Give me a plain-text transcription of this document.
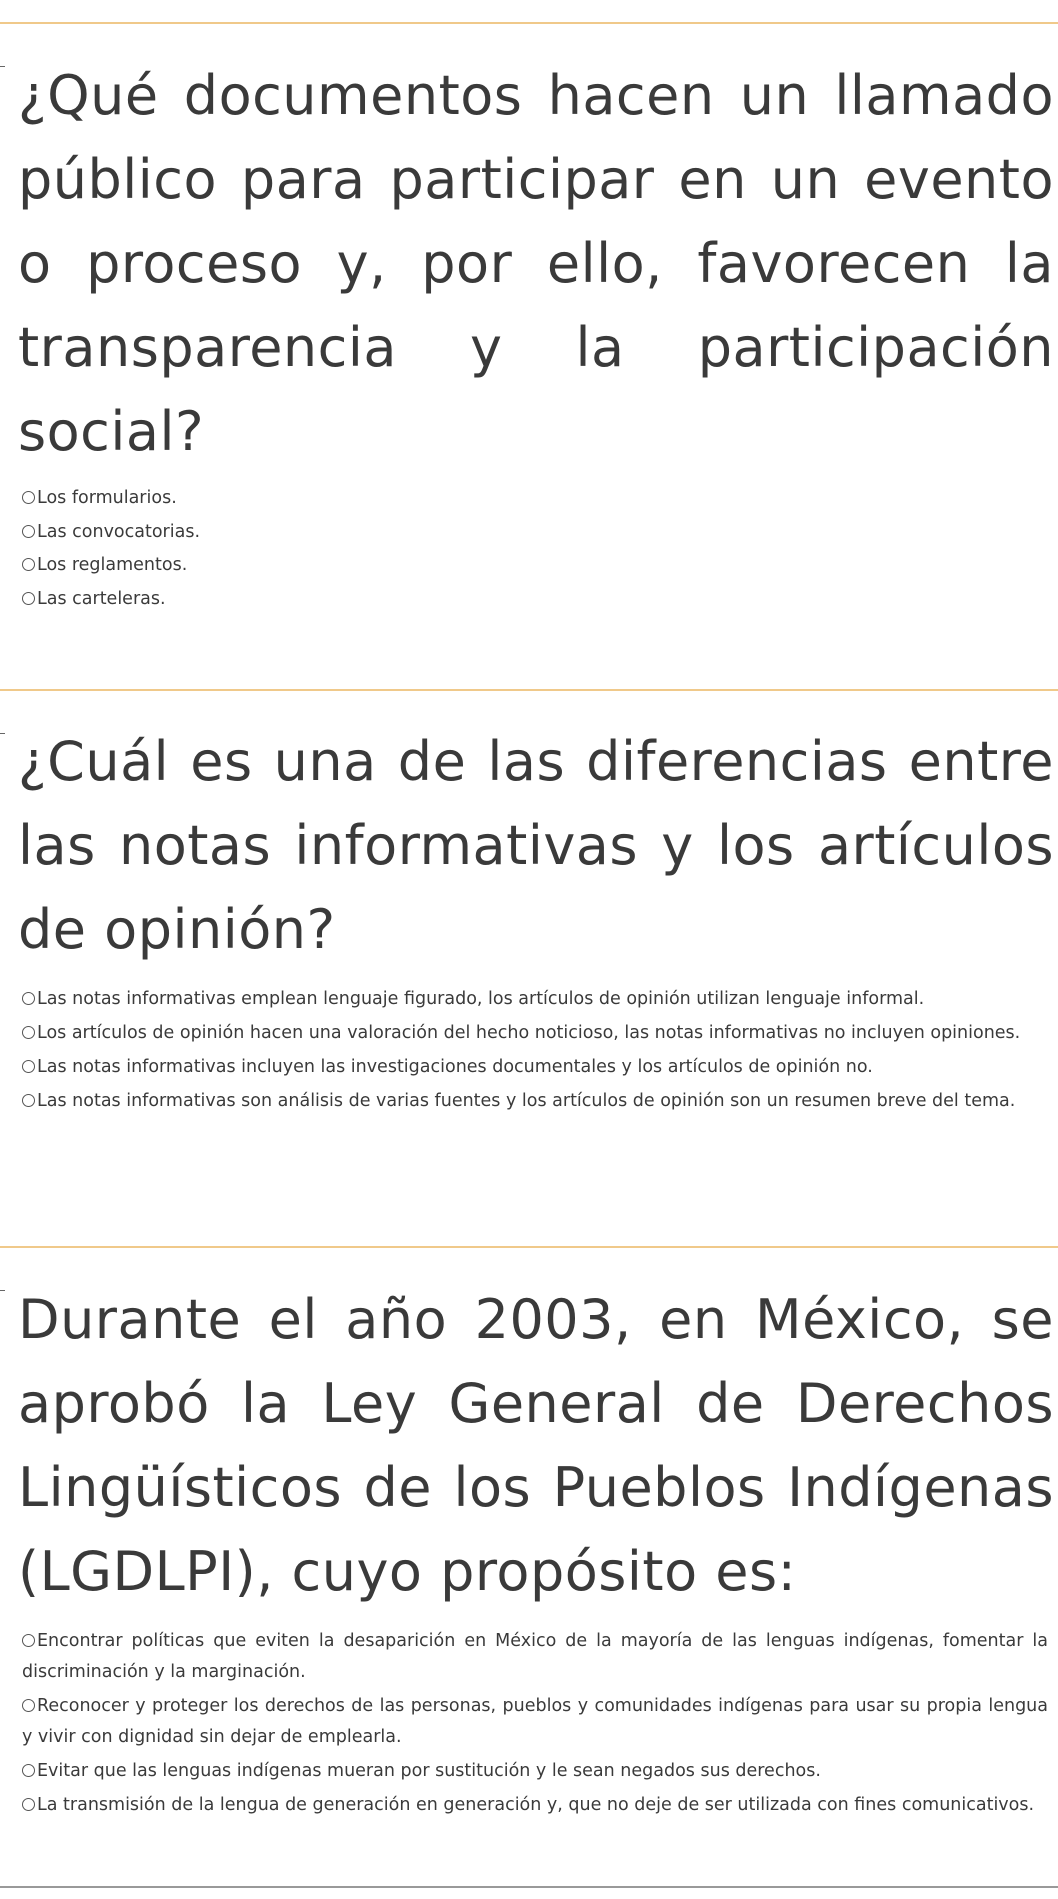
¿Qué documentos hacen un llamado público para participar en un evento o proceso y, por ello, favorecen la transparencia y la participación social?
Los formularios.
Las convocatorias.
Los reglamentos.
Las carteleras.
¿Cuál es una de las diferencias entre las notas informativas y los artículos de opinión?
Las notas informativas emplean lenguaje figurado, los artículos de opinión utilizan lenguaje informal.
Los artículos de opinión hacen una valoración del hecho noticioso, las notas informativas no incluyen opiniones.
Las notas informativas incluyen las investigaciones documentales y los artículos de opinión no.
Las notas informativas son análisis de varias fuentes y los artículos de opinión son un resumen breve del tema.
Durante el año 2003, en México, se aprobó la Ley General de Derechos Lingüísticos de los Pueblos Indígenas (LGDLPI), cuyo propósito es:
Encontrar políticas que eviten la desaparición en México de la mayoría de las lenguas indígenas, fomentar la discriminación y la marginación.
Reconocer y proteger los derechos de las personas, pueblos y comunidades indígenas para usar su propia lengua y vivir con dignidad sin dejar de emplearla.
Evitar que las lenguas indígenas mueran por sustitución y le sean negados sus derechos.
La transmisión de la lengua de generación en generación y, que no deje de ser utilizada con fines comunicativos.
